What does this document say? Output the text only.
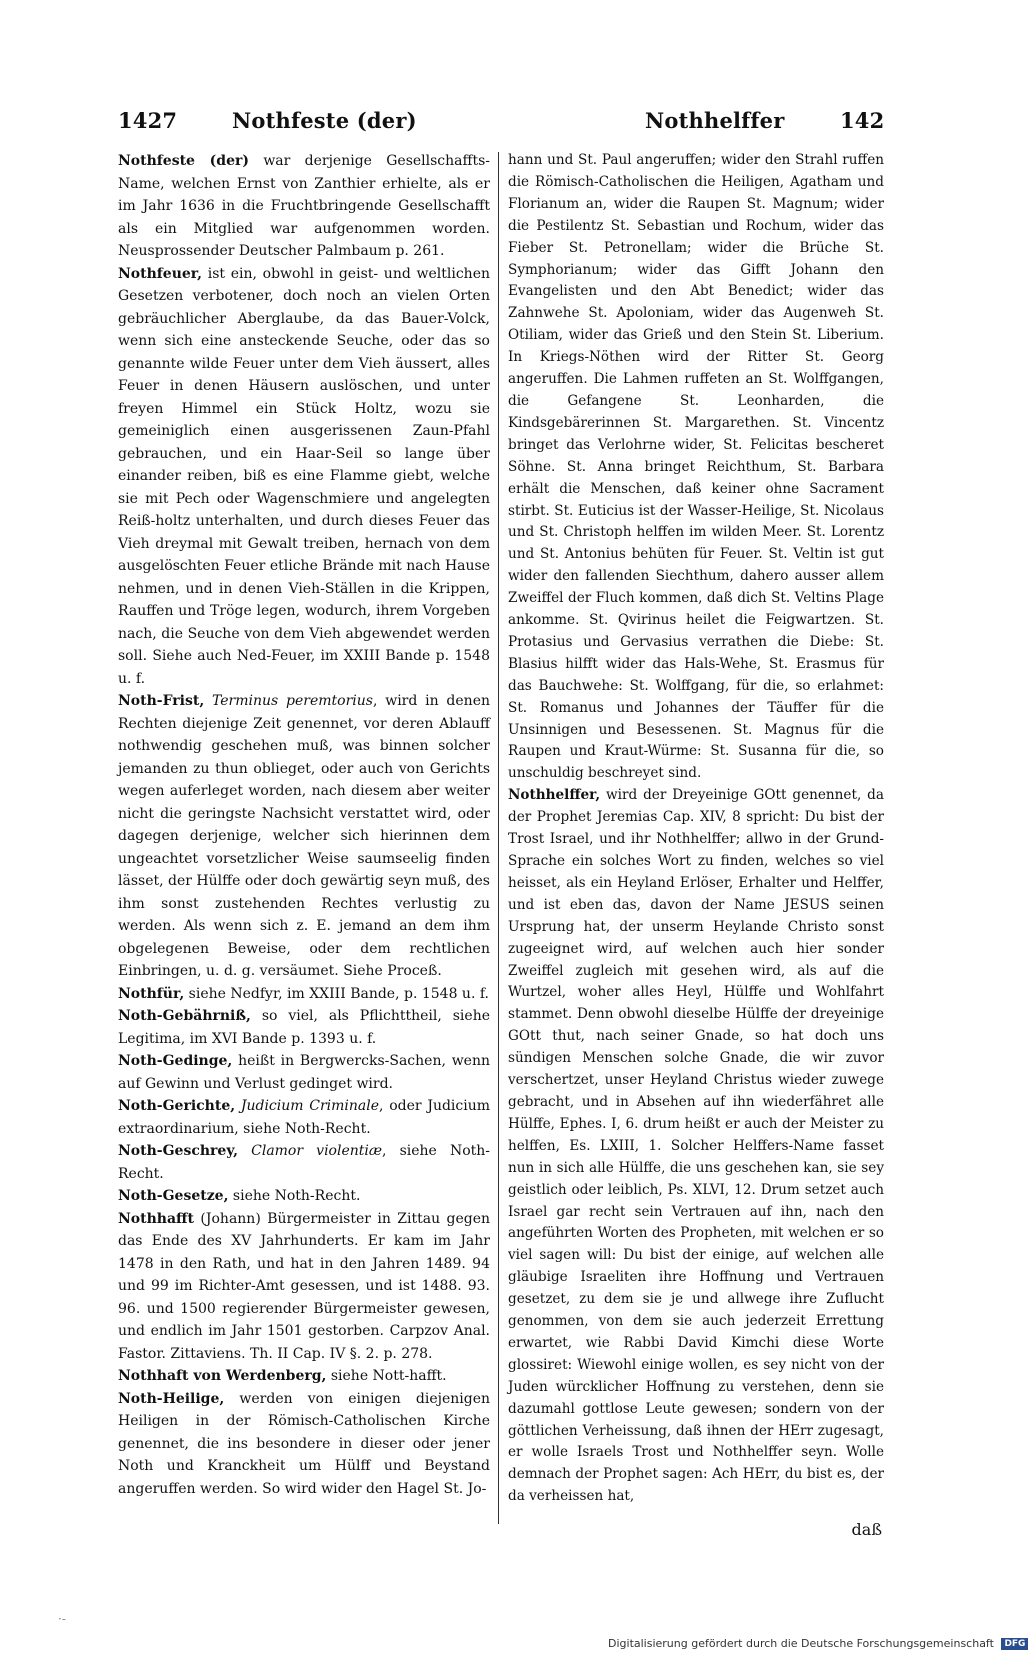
1427	Nothfeste (der)	Nothhelffer	142

Nothfeste (der) war derjenige Gesellschaffts-Name, welchen Ernst von Zanthier erhielte, als er im Jahr 1636 in die Fruchtbringende Gesellschafft als ein Mitglied war aufgenommen worden. Neusprossender Deutscher Palmbaum p. 261.

Nothfeuer, ist ein, obwohl in geist- und weltlichen Gesetzen verbotener, doch noch an vielen Orten gebräuchlicher Aberglaube, da das Bauer-Volck, wenn sich eine ansteckende Seuche, oder das so genannte wilde Feuer unter dem Vieh äussert, alles Feuer in denen Häusern auslöschen, und unter freyen Himmel ein Stück Holtz, wozu sie gemeiniglich einen ausgerissenen Zaun-Pfahl gebrauchen, und ein Haar-Seil so lange über einander reiben, biß es eine Flamme giebt, welche sie mit Pech oder Wagenschmiere und angelegten Reiß-holtz unterhalten, und durch dieses Feuer das Vieh dreymal mit Gewalt treiben, hernach von dem ausgelöschten Feuer etliche Brände mit nach Hause nehmen, und in denen Vieh-Ställen in die Krippen, Rauffen und Tröge legen, wodurch, ihrem Vorgeben nach, die Seuche von dem Vieh abgewendet werden soll. Siehe auch Ned-Feuer, im XXIII Bande p. 1548 u. f.

Noth-Frist, Terminus peremtorius, wird in denen Rechten diejenige Zeit genennet, vor deren Ablauff nothwendig geschehen muß, was binnen solcher jemanden zu thun oblieget, oder auch von Gerichts wegen auferleget worden, nach diesem aber weiter nicht die geringste Nachsicht verstattet wird, oder dagegen derjenige, welcher sich hierinnen dem ungeachtet vorsetzlicher Weise saumseelig finden lässet, der Hülffe oder doch gewärtig seyn muß, des ihm sonst zustehenden Rechtes verlustig zu werden. Als wenn sich z. E. jemand an dem ihm obgelegenen Beweise, oder dem rechtlichen Einbringen, u. d. g. versäumet. Siehe Proceß.

Nothfür, siehe Nedfyr, im XXIII Bande, p. 1548 u. f.

Noth-Gebährniß, so viel, als Pflichttheil, siehe Legitima, im XVI Bande p. 1393 u. f.

Noth-Gedinge, heißt in Bergwercks-Sachen, wenn auf Gewinn und Verlust gedinget wird.

Noth-Gerichte, Judicium Criminale, oder Judicium extraordinarium, siehe Noth-Recht.

Noth-Geschrey, Clamor violentiæ, siehe Noth-Recht.

Noth-Gesetze, siehe Noth-Recht.

Nothhafft (Johann) Bürgermeister in Zittau gegen das Ende des XV Jahrhunderts. Er kam im Jahr 1478 in den Rath, und hat in den Jahren 1489. 94 und 99 im Richter-Amt gesessen, und ist 1488. 93. 96. und 1500 regierender Bürgermeister gewesen, und endlich im Jahr 1501 gestorben. Carpzov Anal. Fastor. Zittaviens. Th. II Cap. IV §. 2. p. 278.

Nothhaft von Werdenberg, siehe Nott-hafft.

Noth-Heilige, werden von einigen diejenigen Heiligen in der Römisch-Catholischen Kirche genennet, die ins besondere in dieser oder jener Noth und Kranckheit um Hülff und Beystand angeruffen werden. So wird wider den Hagel St. Jo-

hann und St. Paul angeruffen; wider den Strahl ruffen die Römisch-Catholischen die Heiligen, Agatham und Florianum an, wider die Raupen St. Magnum; wider die Pestilentz St. Sebastian und Rochum, wider das Fieber St. Petronellam; wider die Brüche St. Symphorianum; wider das Gifft Johann den Evangelisten und den Abt Benedict; wider das Zahnwehe St. Apoloniam, wider das Augenweh St. Otiliam, wider das Grieß und den Stein St. Liberium. In Kriegs-Nöthen wird der Ritter St. Georg angeruffen. Die Lahmen ruffeten an St. Wolffgangen, die Gefangene St. Leonharden, die Kindsgebärerinnen St. Margarethen. St. Vincentz bringet das Verlohrne wider, St. Felicitas bescheret Söhne. St. Anna bringet Reichthum, St. Barbara erhält die Menschen, daß keiner ohne Sacrament stirbt. St. Euticius ist der Wasser-Heilige, St. Nicolaus und St. Christoph helffen im wilden Meer. St. Lorentz und St. Antonius behüten für Feuer. St. Veltin ist gut wider den fallenden Siechthum, dahero ausser allem Zweiffel der Fluch kommen, daß dich St. Veltins Plage ankomme. St. Qvirinus heilet die Feigwartzen. St. Protasius und Gervasius verrathen die Diebe: St. Blasius hilfft wider das Hals-Wehe, St. Erasmus für das Bauchwehe: St. Wolffgang, für die, so erlahmet: St. Romanus und Johannes der Täuffer für die Unsinnigen und Besessenen. St. Magnus für die Raupen und Kraut-Würme: St. Susanna für die, so unschuldig beschreyet sind.

Nothhelffer, wird der Dreyeinige GOtt genennet, da der Prophet Jeremias Cap. XIV, 8 spricht: Du bist der Trost Israel, und ihr Nothhelffer; allwo in der Grund-Sprache ein solches Wort zu finden, welches so viel heisset, als ein Heyland Erlöser, Erhalter und Helffer, und ist eben das, davon der Name JESUS seinen Ursprung hat, der unserm Heylande Christo sonst zugeeignet wird, auf welchen auch hier sonder Zweiffel zugleich mit gesehen wird, als auf die Wurtzel, woher alles Heyl, Hülffe und Wohlfahrt stammet. Denn obwohl dieselbe Hülffe der dreyeinige GOtt thut, nach seiner Gnade, so hat doch uns sündigen Menschen solche Gnade, die wir zuvor verschertzet, unser Heyland Christus wieder zuwege gebracht, und in Absehen auf ihn wiederfähret alle Hülffe, Ephes. I, 6. drum heißt er auch der Meister zu helffen, Es. LXIII, 1. Solcher Helffers-Name fasset nun in sich alle Hülffe, die uns geschehen kan, sie sey geistlich oder leiblich, Ps. XLVI, 12. Drum setzet auch Israel gar recht sein Vertrauen auf ihn, nach den angeführten Worten des Propheten, mit welchen er so viel sagen will: Du bist der einige, auf welchen alle gläubige Israeliten ihre Hoffnung und Vertrauen gesetzet, zu dem sie je und allwege ihre Zuflucht genommen, von dem sie auch jederzeit Errettung erwartet, wie Rabbi David Kimchi diese Worte glossiret: Wiewohl einige wollen, es sey nicht von der Juden würcklicher Hoffnung zu verstehen, denn sie dazumahl gottlose Leute gewesen; sondern von der göttlichen Verheissung, daß ihnen der HErr zugesagt, er wolle Israels Trost und Nothhelffer seyn. Wolle demnach der Prophet sagen: Ach HErr, du bist es, der da verheissen hat,

daß
·-
Digitalisierung gefördert durch die Deutsche Forschungsgemeinschaft DFG
